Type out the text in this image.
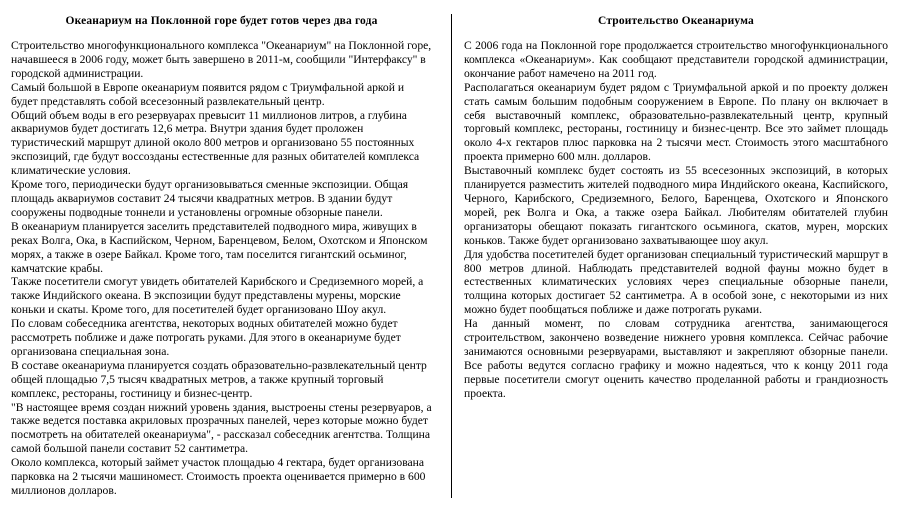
Океанариум на Поклонной горе будет готов через два года

Строительство многофункционального комплекса "Океанариум" на Поклонной горе, начавшееся в 2006 году, может быть завершено в 2011-м, сообщили "Интерфаксу" в городской администрации.

Самый большой в Европе океанариум появится рядом с Триумфальной аркой и будет представлять собой всесезонный развлекательный центр.

Общий объем воды в его резервуарах превысит 11 миллионов литров, а глубина аквариумов будет достигать 12,6 метра. Внутри здания будет проложен туристический маршрут длиной около 800 метров и организовано 55 постоянных экспозиций, где будут воссозданы естественные для разных обитателей комплекса климатические условия.

Кроме того, периодически будут организовываться сменные экспозиции. Общая площадь аквариумов составит 24 тысячи квадратных метров. В здании будут сооружены подводные тоннели и установлены огромные обзорные панели.

В океанариум планируется заселить представителей подводного мира, живущих в реках Волга, Ока, в Каспийском, Черном, Баренцевом, Белом, Охотском и Японском морях, а также в озере Байкал. Кроме того, там поселится гигантский осьминог, камчатские крабы.

Также посетители смогут увидеть обитателей Карибского и Средиземного морей, а также Индийского океана. В экспозиции будут представлены мурены, морские коньки и скаты. Кроме того, для посетителей будет организовано Шоу акул.

По словам собеседника агентства, некоторых водных обитателей можно будет рассмотреть поближе и даже потрогать руками. Для этого в океанариуме будет организована специальная зона.

В составе океанариума планируется создать образовательно-развлекательный центр общей площадью 7,5 тысяч квадратных метров, а также крупный торговый комплекс, рестораны, гостиницу и бизнес-центр.

"В настоящее время создан нижний уровень здания, выстроены стены резервуаров, а также ведется поставка акриловых прозрачных панелей, через которые можно будет посмотреть на обитателей океанариума", - рассказал собеседник агентства. Толщина самой большой панели составит 52 сантиметра.

Около комплекса, который займет участок площадью 4 гектара, будет организована парковка на 2 тысячи машиномест. Стоимость проекта оценивается примерно в 600 миллионов долларов.

Строительство Океанариума

С 2006 года на Поклонной горе продолжается строительство многофункционального комплекса «Океанариум». Как сообщают представители городской администрации, окончание работ намечено на 2011 год.

Располагаться океанариум будет рядом с Триумфальной аркой и по проекту должен стать самым большим подобным сооружением в Европе. По плану он включает в себя выставочный комплекс, образовательно-развлекательный центр, крупный торговый комплекс, рестораны, гостиницу и бизнес-центр. Все это займет площадь около 4-х гектаров плюс парковка на 2 тысячи мест. Стоимость этого масштабного проекта примерно 600 млн. долларов.

Выставочный комплекс будет состоять из 55 всесезонных экспозиций, в которых планируется разместить жителей подводного мира Индийского океана, Каспийского, Черного, Карибского, Средиземного, Белого, Баренцева, Охотского и Японского морей, рек Волга и Ока, а также озера Байкал. Любителям обитателей глубин организаторы обещают показать гигантского осьминога, скатов, мурен, морских коньков. Также будет организовано захватывающее шоу акул.

Для удобства посетителей будет организован специальный туристический маршрут в 800 метров длиной. Наблюдать представителей водной фауны можно будет в естественных климатических условиях через специальные обзорные панели, толщина которых достигает 52 сантиметра. А в особой зоне, с некоторыми из них можно будет пообщаться поближе и даже потрогать руками.

На данный момент, по словам сотрудника агентства, занимающегося строительством, закончено возведение нижнего уровня комплекса. Сейчас рабочие занимаются основными резервуарами, выставляют и закрепляют обзорные панели. Все работы ведутся согласно графику и можно надеяться, что к концу 2011 года первые посетители смогут оценить качество проделанной работы и грандиозность проекта.
